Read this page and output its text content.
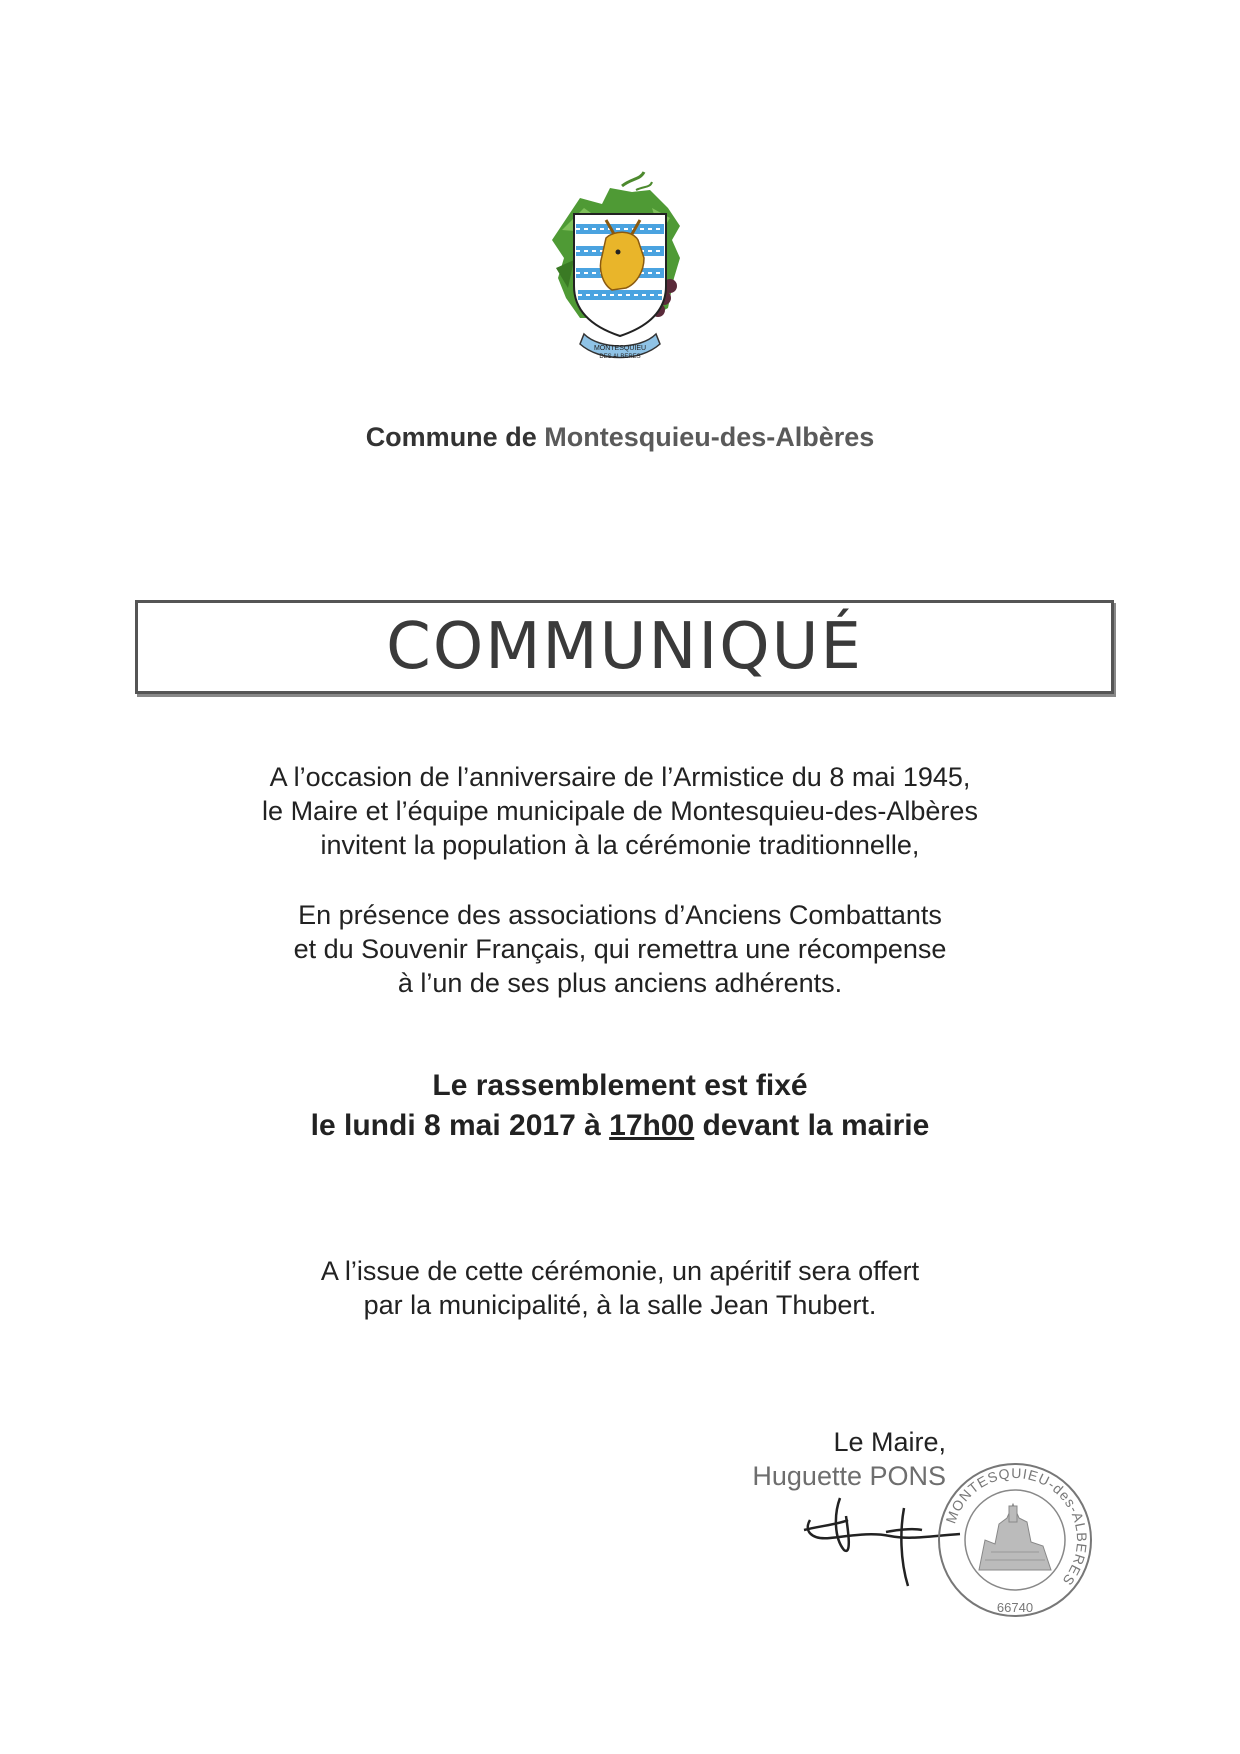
MONTESQUIEU
DES ALBERES
Commune de Montesquieu-des-Albères
COMMUNIQUÉ
A l’occasion de l’anniversaire de l’Armistice du 8 mai 1945,
le Maire et l’équipe municipale de Montesquieu-des-Albères
invitent la population à la cérémonie traditionnelle,
En présence des associations d’Anciens Combattants
et du Souvenir Français, qui remettra une récompense
à l’un de ses plus anciens adhérents.
Le rassemblement est fixé
le lundi 8 mai 2017 à 17h00 devant la mairie
A l’issue de cette cérémonie, un apéritif sera offert
par la municipalité, à la salle Jean Thubert.
Le Maire,
Huguette PONS
MONTESQUIEU-des-ALBERES
66740
